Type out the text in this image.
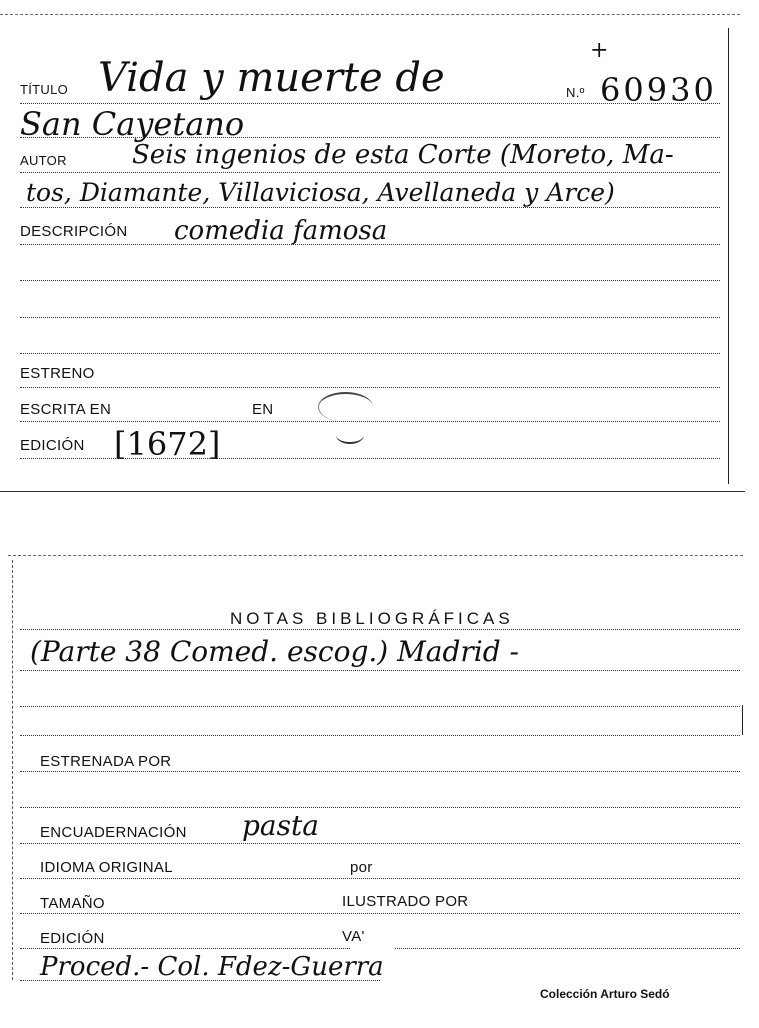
TÍTULO Vida y muerte de	N.º
+
60930
San Cayetano
AUTOR	Seis ingenios de esta Corte (Moreto, Ma-
tos, Diamante, Villaviciosa, Avellaneda y Arce)
DESCRIPCIÓN comedia famosa
ESTRENO
ESCRITA EN	EN
EDICIÓN [1672]
NOTAS BIBLIOGRÁFICAS
(Parte 38 Comed. escog.) Madrid -
ESTRENADA POR
ENCUADERNACIÓN pasta
IDIOMA ORIGINAL	por
TAMAÑO	ILUSTRADO POR
EDICIÓN	VA'
Proced.- Col. Fdez-Guerra
Colección Arturo Sedó
